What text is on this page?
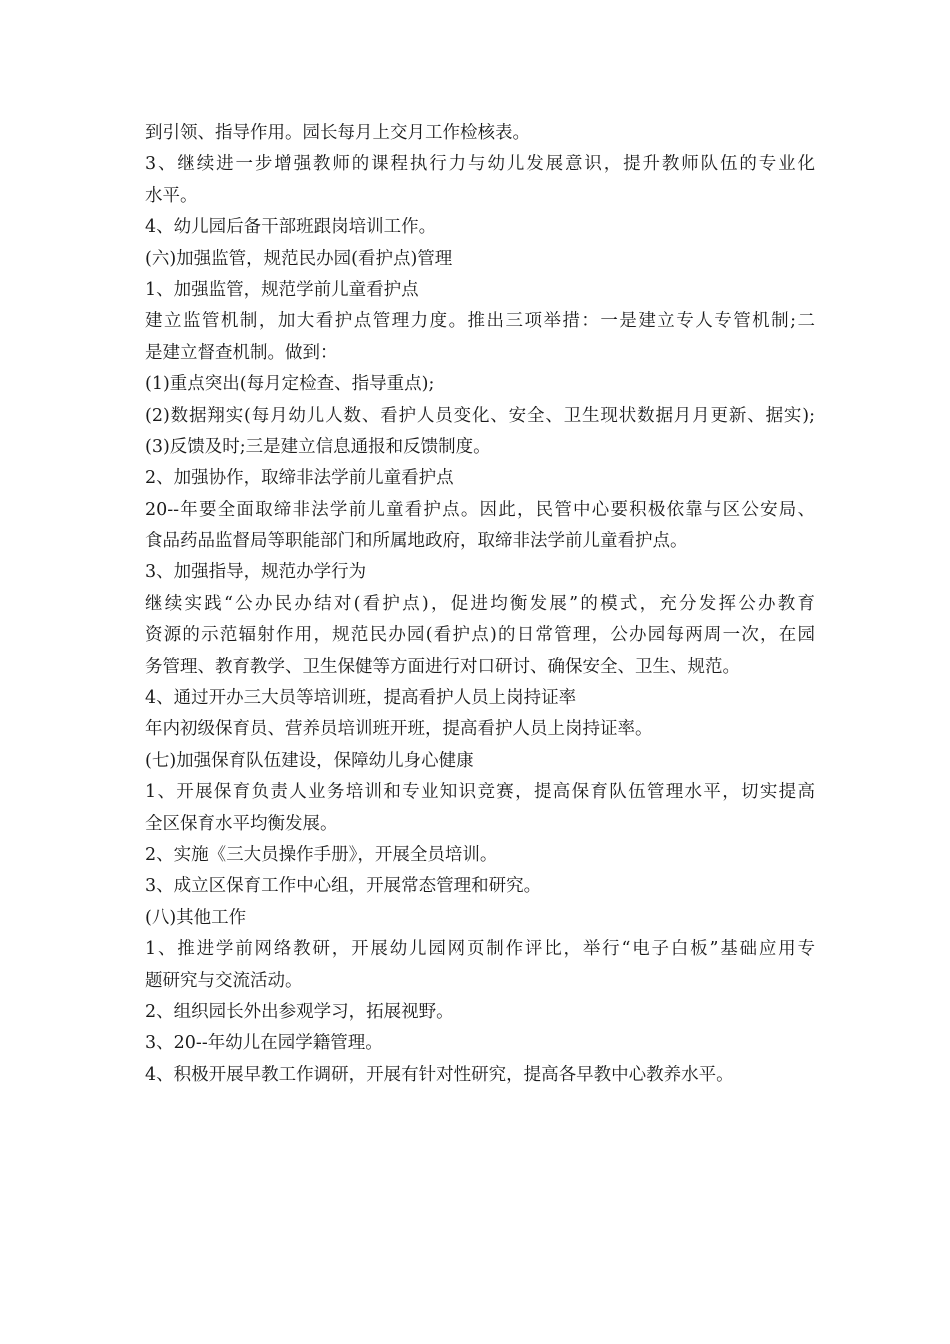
到引领、指导作用。园长每月上交月工作检核表。
3、继续进一步增强教师的课程执行力与幼儿发展意识，提升教师队伍的专业化
水平。
4、幼儿园后备干部班跟岗培训工作。
(六)加强监管，规范民办园(看护点)管理
1、加强监管，规范学前儿童看护点
建立监管机制，加大看护点管理力度。推出三项举措：一是建立专人专管机制;二
是建立督查机制。做到：
(1)重点突出(每月定检查、指导重点);
(2)数据翔实(每月幼儿人数、看护人员变化、安全、卫生现状数据月月更新、据实);
(3)反馈及时;三是建立信息通报和反馈制度。
2、加强协作，取缔非法学前儿童看护点
20--年要全面取缔非法学前儿童看护点。因此，民管中心要积极依靠与区公安局、
食品药品监督局等职能部门和所属地政府，取缔非法学前儿童看护点。
3、加强指导，规范办学行为
继续实践“公办民办结对(看护点)，促进均衡发展”的模式，充分发挥公办教育
资源的示范辐射作用，规范民办园(看护点)的日常管理，公办园每两周一次，在园
务管理、教育教学、卫生保健等方面进行对口研讨、确保安全、卫生、规范。
4、通过开办三大员等培训班，提高看护人员上岗持证率
年内初级保育员、营养员培训班开班，提高看护人员上岗持证率。
(七)加强保育队伍建设，保障幼儿身心健康
1、开展保育负责人业务培训和专业知识竞赛，提高保育队伍管理水平，切实提高
全区保育水平均衡发展。
2、实施《三大员操作手册》，开展全员培训。
3、成立区保育工作中心组，开展常态管理和研究。
(八)其他工作
1、推进学前网络教研，开展幼儿园网页制作评比，举行“电子白板”基础应用专
题研究与交流活动。
2、组织园长外出参观学习，拓展视野。
3、20--年幼儿在园学籍管理。
4、积极开展早教工作调研，开展有针对性研究，提高各早教中心教养水平。
